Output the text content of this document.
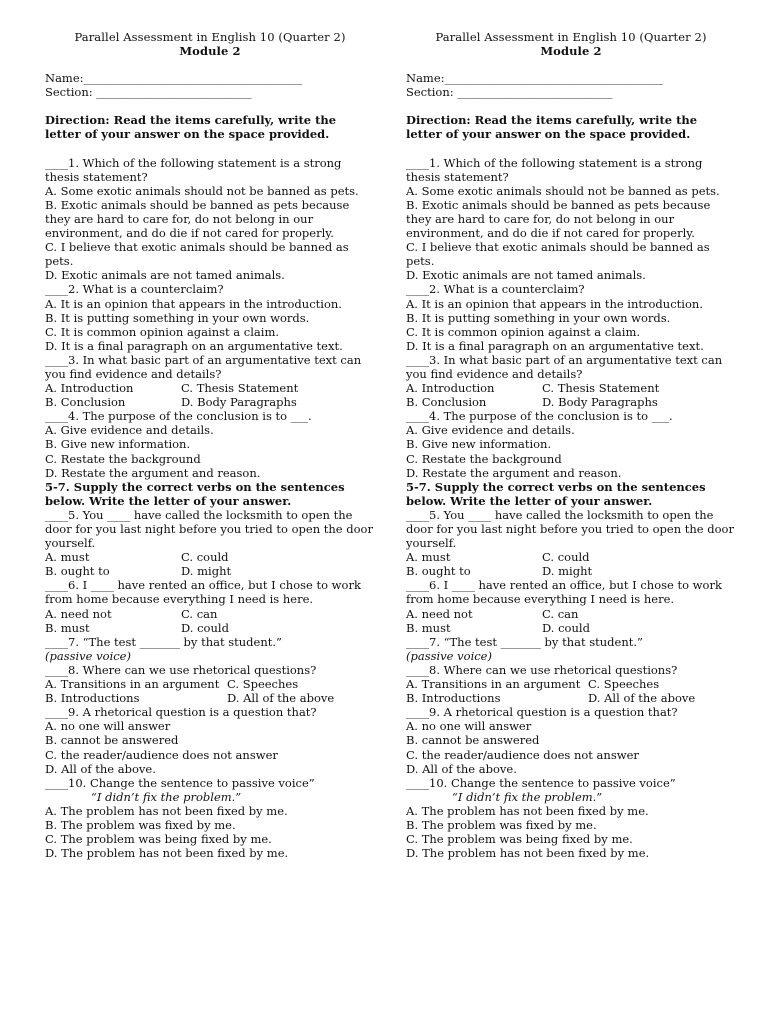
Parallel Assessment in English 10 (Quarter 2)
Module 2
Name:______________________________________
Section: ___________________________
Direction: Read the items carefully, write the letter of your answer on the space provided.
____1. Which of the following statement is a strong thesis statement?
A. Some exotic animals should not be banned as pets.
B. Exotic animals should be banned as pets because they are hard to care for, do not belong in our environment, and do die if not cared for properly.
C. I believe that exotic animals should be banned as pets.
D. Exotic animals are not tamed animals.
____2. What is a counterclaim?
A. It is an opinion that appears in the introduction.
B. It is putting something in your own words.
C. It is common opinion against a claim.
D. It is a final paragraph on an argumentative text.
____3. In what basic part of an argumentative text can you find evidence and details?
A. Introduction	C. Thesis Statement
B. Conclusion	D. Body Paragraphs
____4. The purpose of the conclusion is to ___.
A. Give evidence and details.
B. Give new information.
C. Restate the background
D. Restate the argument and reason.
5-7. Supply the correct verbs on the sentences below. Write the letter of your answer.
____5. You ____ have called the locksmith to open the door for you last night before you tried to open the door yourself.
A. must	C. could
B. ought to	D. might
____6. I ____ have rented an office, but I chose to work from home because everything I need is here.
A. need not	C. can
B. must	D. could
____7. “The test _______ by that student.”
(passive voice)
____8. Where can we use rhetorical questions?
A. Transitions in an argument C. Speeches
B. Introductions	D. All of the above
____9. A rhetorical question is a question that?
A. no one will answer
B. cannot be answered
C. the reader/audience does not answer
D. All of the above.
____10. Change the sentence to passive voice”
“I didn’t fix the problem.”
A. The problem has not been fixed by me.
B. The problem was fixed by me.
C. The problem was being fixed by me.
D. The problem has not been fixed by me.
Parallel Assessment in English 10 (Quarter 2)
Module 2
Name:______________________________________
Section: ___________________________
Direction: Read the items carefully, write the letter of your answer on the space provided.
____1. Which of the following statement is a strong thesis statement?
A. Some exotic animals should not be banned as pets.
B. Exotic animals should be banned as pets because they are hard to care for, do not belong in our environment, and do die if not cared for properly.
C. I believe that exotic animals should be banned as pets.
D. Exotic animals are not tamed animals.
____2. What is a counterclaim?
A. It is an opinion that appears in the introduction.
B. It is putting something in your own words.
C. It is common opinion against a claim.
D. It is a final paragraph on an argumentative text.
____3. In what basic part of an argumentative text can you find evidence and details?
A. Introduction	C. Thesis Statement
B. Conclusion	D. Body Paragraphs
____4. The purpose of the conclusion is to ___.
A. Give evidence and details.
B. Give new information.
C. Restate the background
D. Restate the argument and reason.
5-7. Supply the correct verbs on the sentences below. Write the letter of your answer.
____5. You ____ have called the locksmith to open the door for you last night before you tried to open the door yourself.
A. must	C. could
B. ought to	D. might
____6. I ____ have rented an office, but I chose to work from home because everything I need is here.
A. need not	C. can
B. must	D. could
____7. “The test _______ by that student.”
(passive voice)
____8. Where can we use rhetorical questions?
A. Transitions in an argument C. Speeches
B. Introductions	D. All of the above
____9. A rhetorical question is a question that?
A. no one will answer
B. cannot be answered
C. the reader/audience does not answer
D. All of the above.
____10. Change the sentence to passive voice”
“I didn’t fix the problem.”
A. The problem has not been fixed by me.
B. The problem was fixed by me.
C. The problem was being fixed by me.
D. The problem has not been fixed by me.
